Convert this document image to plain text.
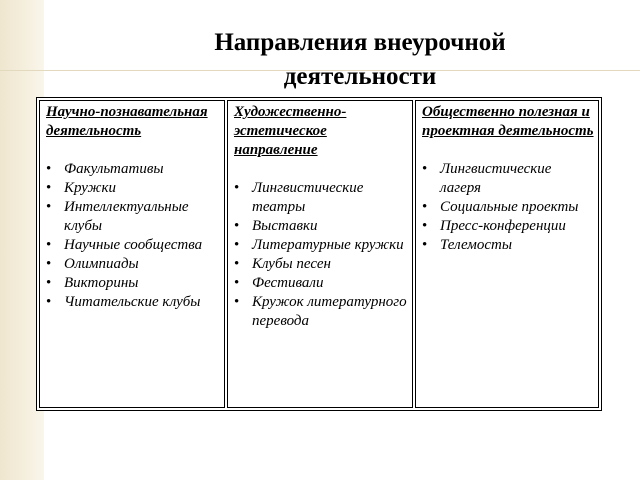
Направления внеурочной деятельности
Научно-познавательная деятельность
• Факультативы
• Кружки
• Интеллектуальные клубы
• Научные сообщества
• Олимпиады
• Викторины
• Читательские клубы
Художественно-эстетическое направление
• Лингвистические театры
• Выставки
• Литературные кружки
• Клубы песен
• Фестивали
• Кружок литературного перевода
Общественно полезная и проектная деятельность
• Лингвистические лагеря
• Социальные проекты
• Пресс-конференции
• Телемосты
